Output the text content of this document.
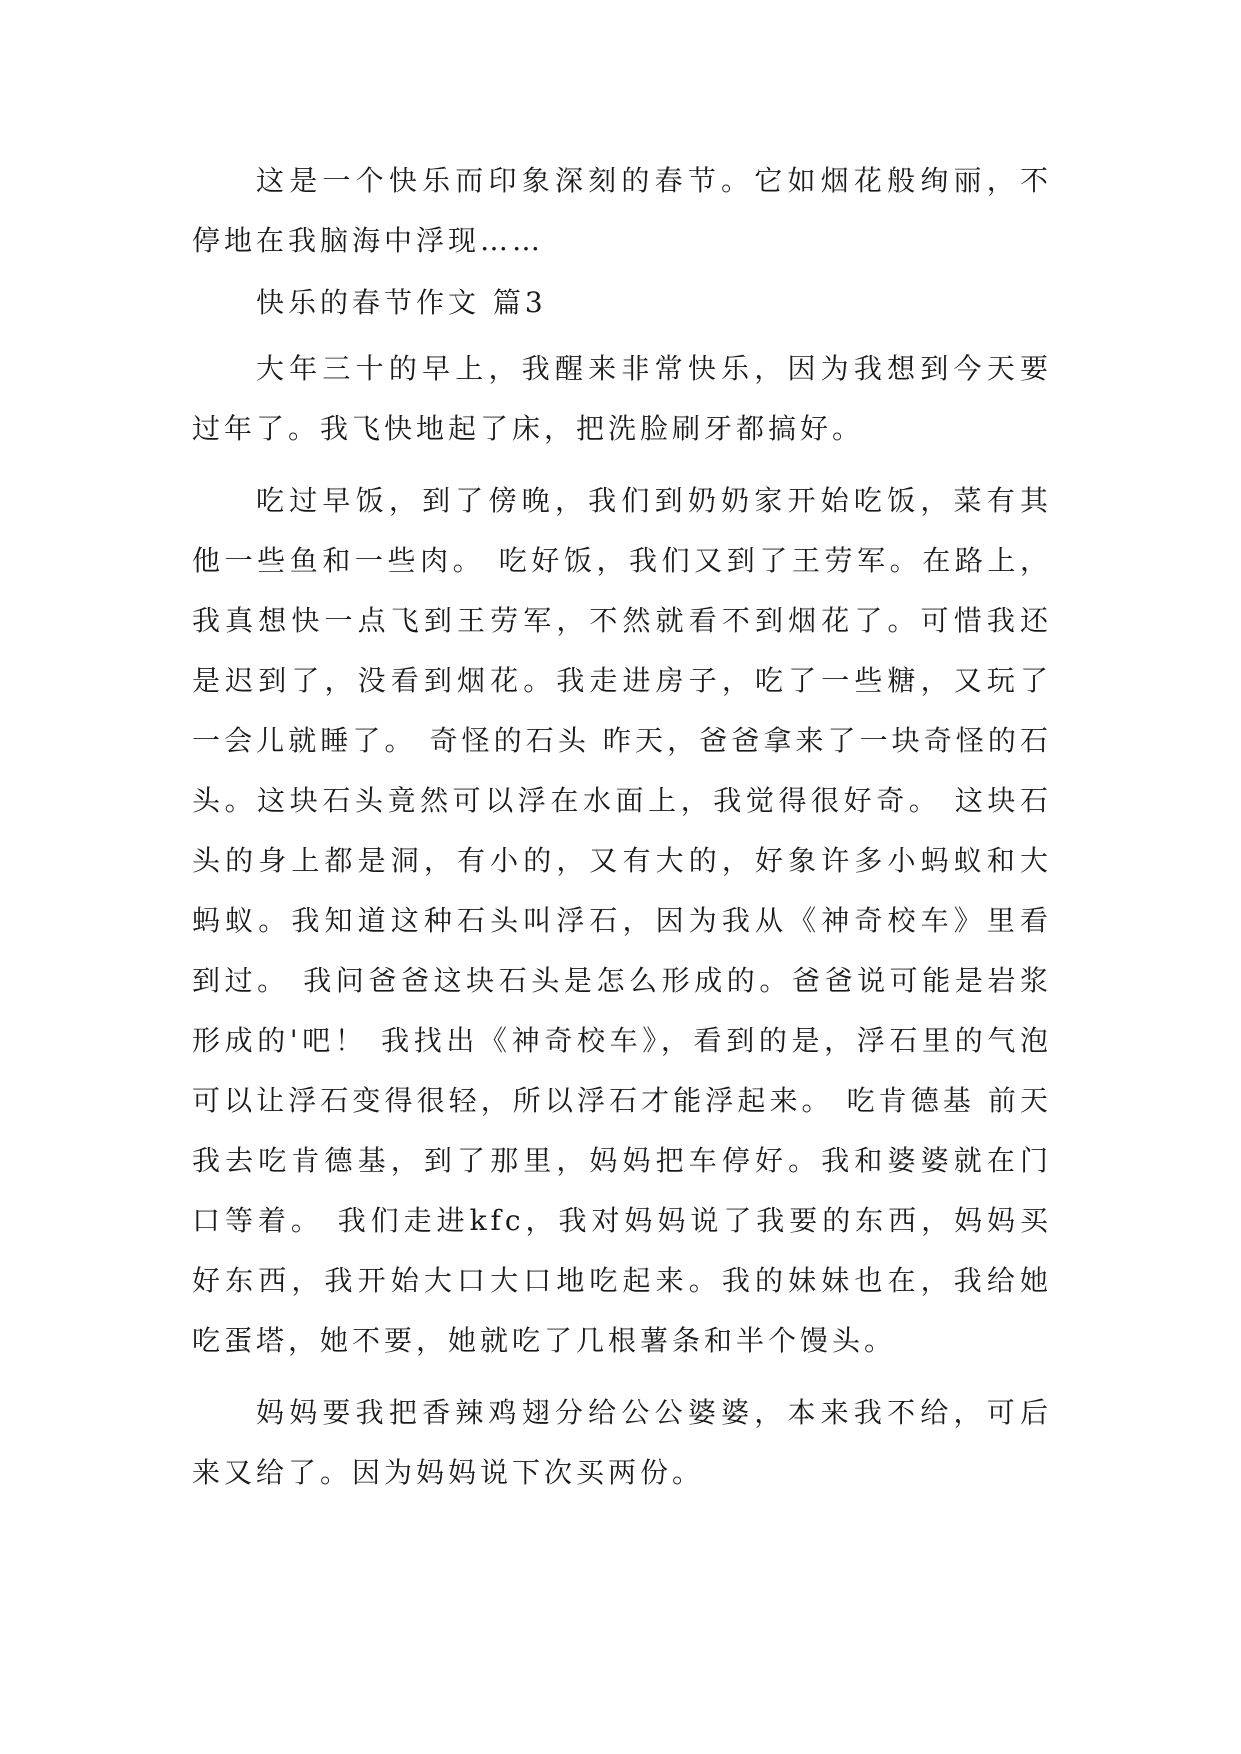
这是一个快乐而印象深刻的春节。它如烟花般绚丽，不停地在我脑海中浮现……

快乐的春节作文 篇3

大年三十的早上，我醒来非常快乐，因为我想到今天要过年了。我飞快地起了床，把洗脸刷牙都搞好。

吃过早饭，到了傍晚，我们到奶奶家开始吃饭，菜有其他一些鱼和一些肉。 吃好饭，我们又到了王劳军。在路上，我真想快一点飞到王劳军，不然就看不到烟花了。可惜我还是迟到了，没看到烟花。我走进房子，吃了一些糖，又玩了一会儿就睡了。 奇怪的石头 昨天，爸爸拿来了一块奇怪的石头。这块石头竟然可以浮在水面上，我觉得很好奇。 这块石头的身上都是洞，有小的，又有大的，好象许多小蚂蚁和大蚂蚁。我知道这种石头叫浮石，因为我从《神奇校车》里看到过。 我问爸爸这块石头是怎么形成的。爸爸说可能是岩浆形成的'吧！ 我找出《神奇校车》，看到的是，浮石里的气泡可以让浮石变得很轻，所以浮石才能浮起来。 吃肯德基 前天我去吃肯德基，到了那里，妈妈把车停好。我和婆婆就在门口等着。 我们走进kfc，我对妈妈说了我要的东西，妈妈买好东西，我开始大口大口地吃起来。我的妹妹也在，我给她吃蛋塔，她不要，她就吃了几根薯条和半个馒头。

妈妈要我把香辣鸡翅分给公公婆婆，本来我不给，可后来又给了。因为妈妈说下次买两份。
